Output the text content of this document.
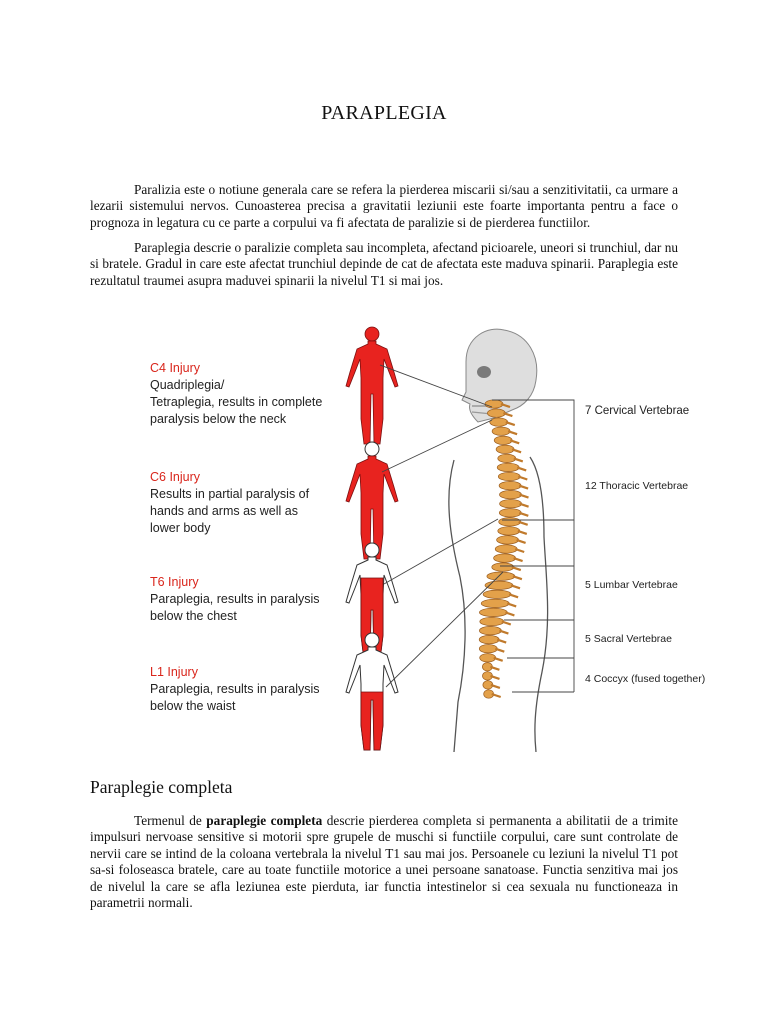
PARAPLEGIA

Paralizia este o notiune generala care se refera la pierderea miscarii si/sau a senzitivitatii, ca urmare a lezarii sistemului nervos. Cunoasterea precisa a gravitatii leziunii este foarte importanta pentru a face o prognoza in legatura cu ce parte a corpului va fi afectata de paralizie si de pierderea functiilor.

Paraplegia descrie o paralizie completa sau incompleta, afectand picioarele, uneori si trunchiul, dar nu si bratele. Gradul in care este afectat trunchiul depinde de cat de afectata este maduva spinarii. Paraplegia este rezultatul traumei asupra maduvei spinarii la nivelul T1 si mai jos.

C4 Injury
Quadriplegia/
Tetraplegia, results in complete
paralysis below the neck
C6 Injury
Results in partial paralysis of
hands and arms as well as
lower body
T6 Injury
Paraplegia, results in paralysis
below the chest
L1 Injury
Paraplegia, results in paralysis
below the waist
7 Cervical Vertebrae
12 Thoracic Vertebrae
5 Lumbar Vertebrae
5 Sacral Vertebrae
4 Coccyx (fused together)
Paraplegie completa

Termenul de paraplegie completa descrie pierderea completa si permanenta a abilitatii de a trimite impulsuri nervoase sensitive si motorii spre grupele de muschi si functiile corpului, care sunt controlate de nervii care se intind de la coloana vertebrala la nivelul T1 sau mai jos. Persoanele cu leziuni la nivelul T1 pot sa-si foloseasca bratele, care au toate functiile motorice a unei persoane sanatoase. Functia senzitiva mai jos de nivelul la care se afla leziunea este pierduta, iar functia intestinelor si cea sexuala nu functioneaza in parametrii normali.
